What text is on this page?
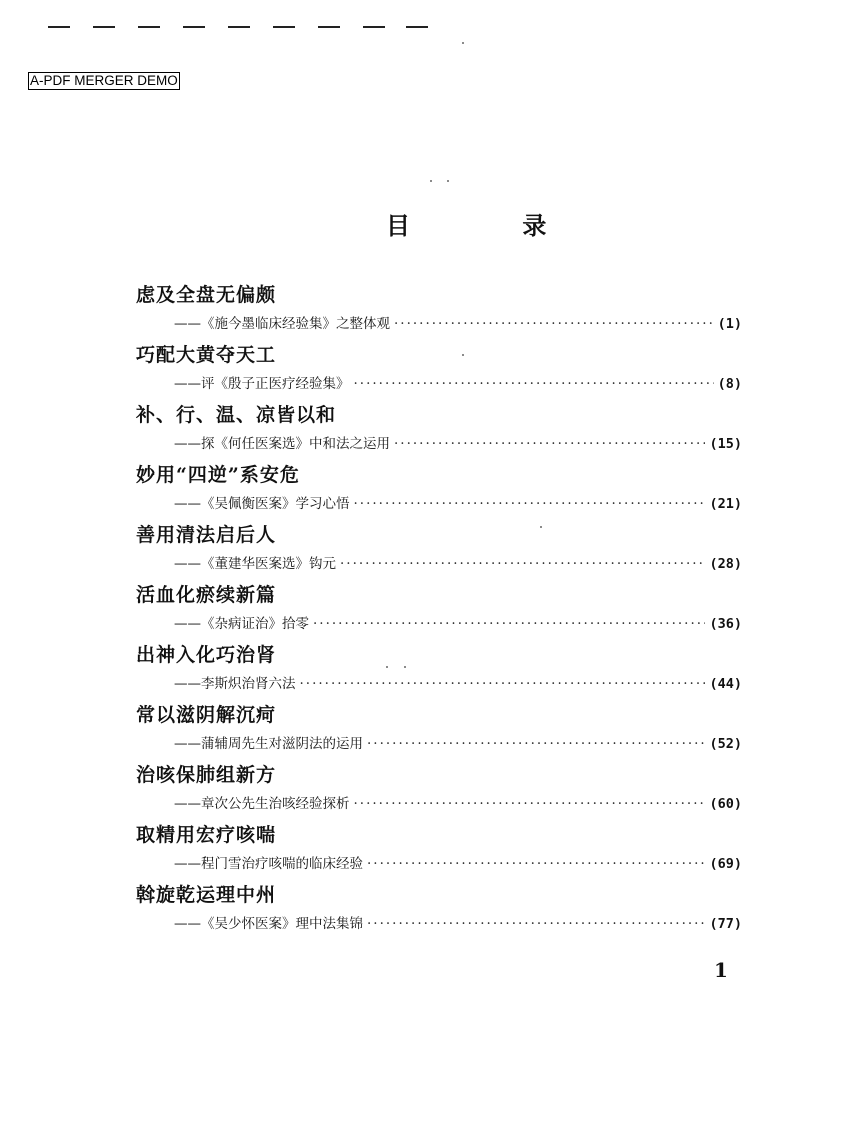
A-PDF MERGER DEMO
目 录
虑及全盘无偏颇
——《施今墨临床经验集》之整体观 ·····	(1)
巧配大黄夺天工
——评《殷子正医疗经验集》 ·····	(8)
补、行、温、凉皆以和
——探《何任医案选》中和法之运用 ·····	(15)
妙用“四逆”系安危
——《吴佩衡医案》学习心悟 ·····	(21)
善用清法启后人
——《董建华医案选》钩元 ·····	(28)
活血化瘀续新篇
——《杂病证治》拾零 ·····	(36)
出神入化巧治肾
——李斯炽治肾六法 ·····	(44)
常以滋阴解沉疴
——蒲辅周先生对滋阴法的运用 ·····	(52)
治咳保肺组新方
——章次公先生治咳经验探析 ·····	(60)
取精用宏疗咳喘
——程门雪治疗咳喘的临床经验 ·····	(69)
斡旋乾运理中州
——《吴少怀医案》理中法集锦 ·····	(77)
1
